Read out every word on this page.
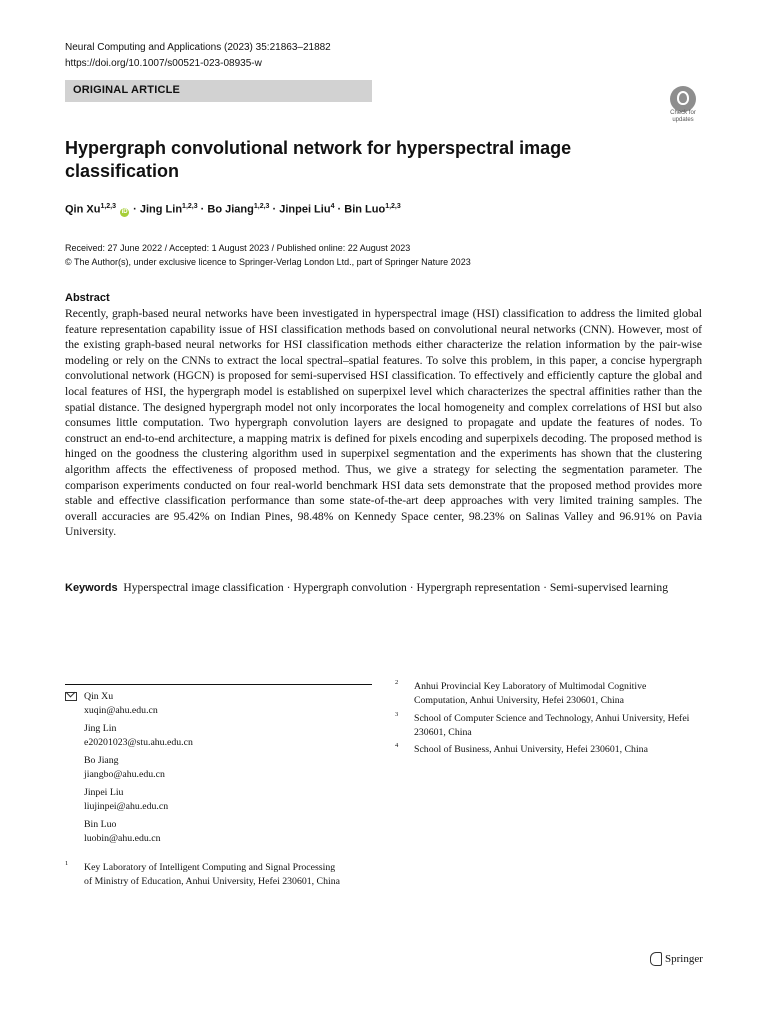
Neural Computing and Applications (2023) 35:21863–21882
https://doi.org/10.1007/s00521-023-08935-w
ORIGINAL ARTICLE
Check for updates
Hypergraph convolutional network for hyperspectral image classification
Qin Xu$^{1,2,3}$ iD · Jing Lin$^{1,2,3}$ · Bo Jiang$^{1,2,3}$ · Jinpei Liu$^4$ · Bin Luo$^{1,2,3}$
Received: 27 June 2022 / Accepted: 1 August 2023 / Published online: 22 August 2023
© The Author(s), under exclusive licence to Springer-Verlag London Ltd., part of Springer Nature 2023
Abstract

Recently, graph-based neural networks have been investigated in hyperspectral image (HSI) classification to address the limited global feature representation capability issue of HSI classification methods based on convolutional neural networks (CNN). However, most of the existing graph-based neural networks for HSI classification methods either characterize the relation information by the pair-wise modeling or rely on the CNNs to extract the local spectral–spatial features. To solve this problem, in this paper, a concise hypergraph convolutional network (HGCN) is proposed for semi-supervised HSI classification. To effectively and efficiently capture the global and local features of HSI, the hypergraph model is established on superpixel level which characterizes the spectral affinities rather than the spatial distance. The designed hypergraph model not only incorporates the local homogeneity and complex correlations of HSI but also consumes little computation. Two hypergraph convolution layers are designed to propagate and update the features of nodes. To construct an end-to-end architecture, a mapping matrix is defined for pixels encoding and superpixels decoding. The proposed method is hinged on the goodness the clustering algorithm used in superpixel segmentation and the experiments has shown that the clustering algorithm affects the effectiveness of proposed method. Thus, we give a strategy for selecting the segmentation parameter. The comparison experiments conducted on four real-world benchmark HSI data sets demonstrate that the proposed method provides more stable and effective classification performance than some state-of-the-art deep approaches with very limited training samples. The overall accuracies are 95.42% on Indian Pines, 98.48% on Kennedy Space center, 98.23% on Salinas Valley and 96.91% on Pavia University.

Keywords Hyperspectral image classification · Hypergraph convolution · Hypergraph representation · Semi-supervised learning

Qin Xu
xuqin@ahu.edu.cn
Jing Lin
e20201023@stu.ahu.edu.cn
Bo Jiang
jiangbo@ahu.edu.cn
Jinpei Liu
liujinpei@ahu.edu.cn
Bin Luo
luobin@ahu.edu.cn
1	Key Laboratory of Intelligent Computing and Signal Processing of Ministry of Education, Anhui University, Hefei 230601, China
2	Anhui Provincial Key Laboratory of Multimodal Cognitive Computation, Anhui University, Hefei 230601, China
3	School of Computer Science and Technology, Anhui University, Hefei 230601, China
4	School of Business, Anhui University, Hefei 230601, China
Springer
